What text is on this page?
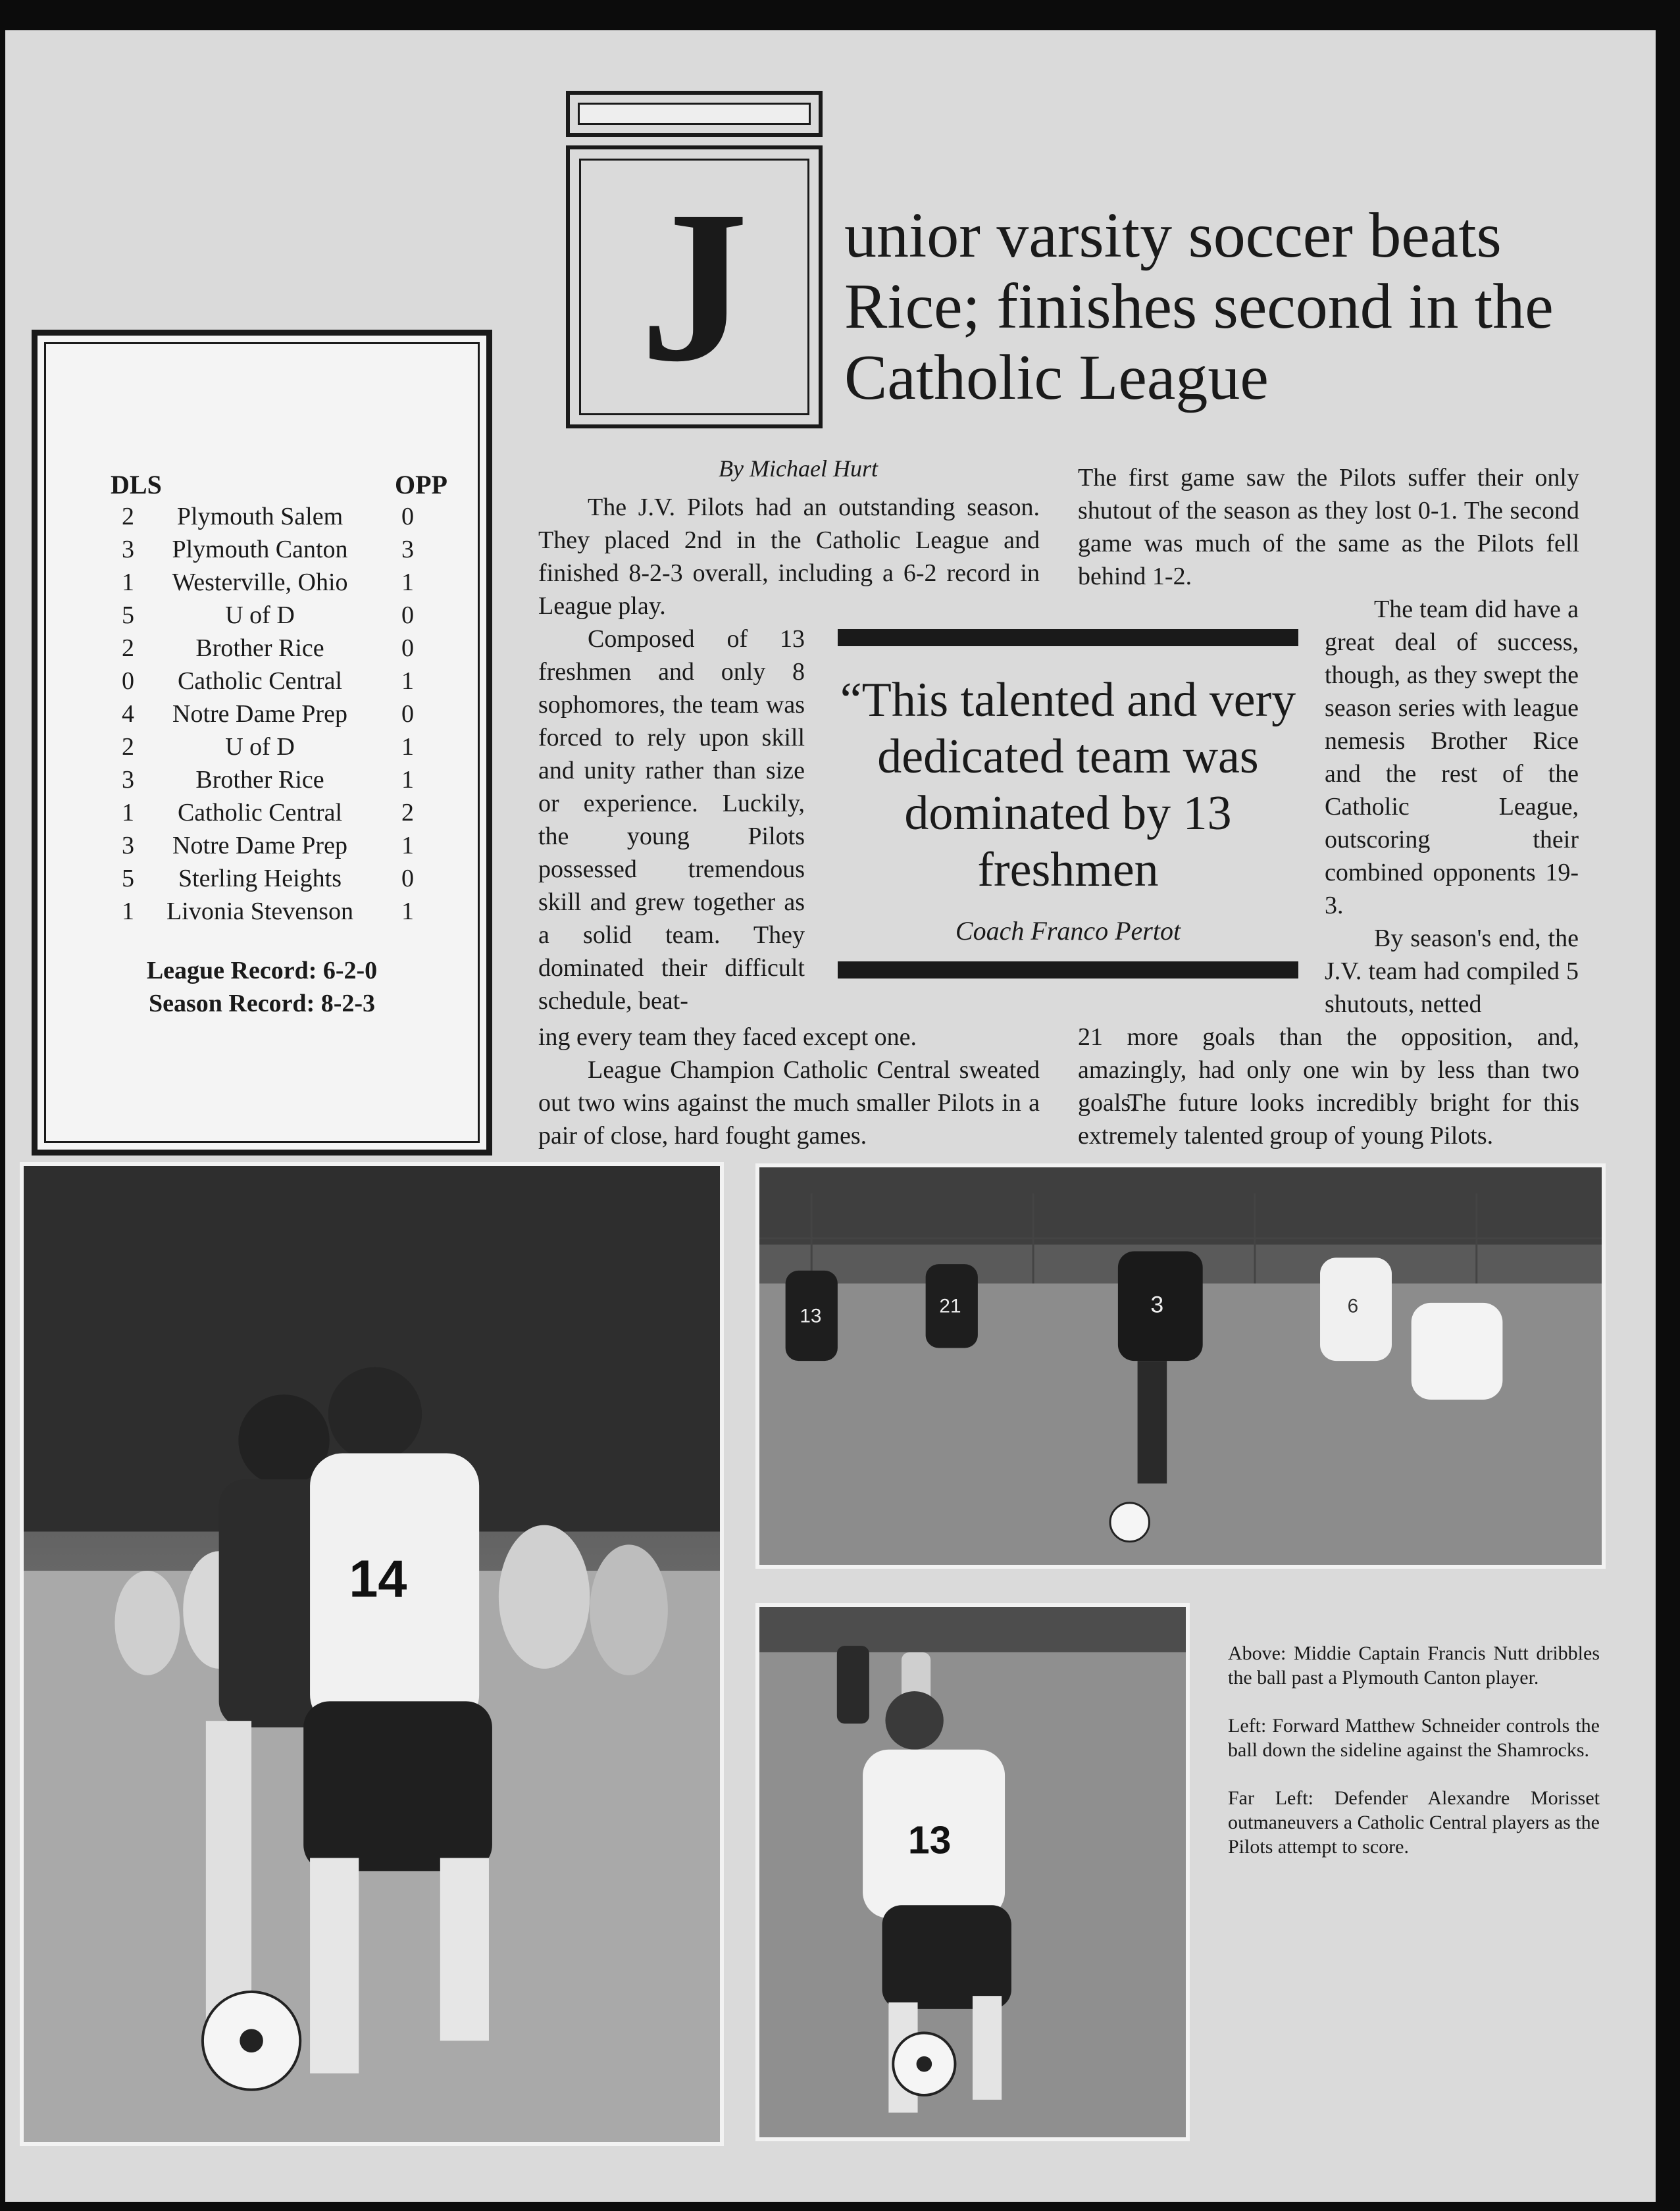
DLS	OPP
2	Plymouth Salem	0
3	Plymouth Canton	3
1	Westerville, Ohio	1
5	U of D	0
2	Brother Rice	0
0	Catholic Central	1
4	Notre Dame Prep	0
2	U of D	1
3	Brother Rice	1
1	Catholic Central	2
3	Notre Dame Prep	1
5	Sterling Heights	0
1	Livonia Stevenson	1
League Record: 6-2-0
Season Record: 8-2-3
J unior varsity soccer beats Rice; finishes second in the Catholic League
By Michael Hurt

The J.V. Pilots had an outstanding season. They placed 2nd in the Catholic League and finished 8-2-3 overall, including a 6-2 record in League play.

Composed of 13 freshmen and only 8 sophomores, the team was forced to rely upon skill and unity rather than size or experience. Luckily, the young Pilots possessed tremendous skill and grew together as a solid team. They dominated their difficult schedule, beat-

ing every team they faced except one.

League Champion Catholic Central sweated out two wins against the much smaller Pilots in a pair of close, hard fought games.

“This talented and very dedicated team was dominated by 13 freshmen
Coach Franco Pertot

The first game saw the Pilots suffer their only shutout of the season as they lost 0-1. The second game was much of the same as the Pilots fell behind 1-2.

The team did have a great deal of success, though, as they swept the season series with league nemesis Brother Rice and the rest of the Catholic League, outscoring their combined opponents 19-3.

By season's end, the J.V. team had compiled 5 shutouts, netted

21 more goals than the opposition, and, amazingly, had only one win by less than two goals.

The future looks incredibly bright for this extremely talented group of young Pilots.

14
13	21	3	6
13

Above: Middie Captain Francis Nutt dribbles the ball past a Plymouth Canton player.

Left: Forward Matthew Schneider controls the ball down the sideline against the Shamrocks.

Far Left: Defender Alexandre Morisset outmaneuvers a Catholic Central players as the Pilots attempt to score.
